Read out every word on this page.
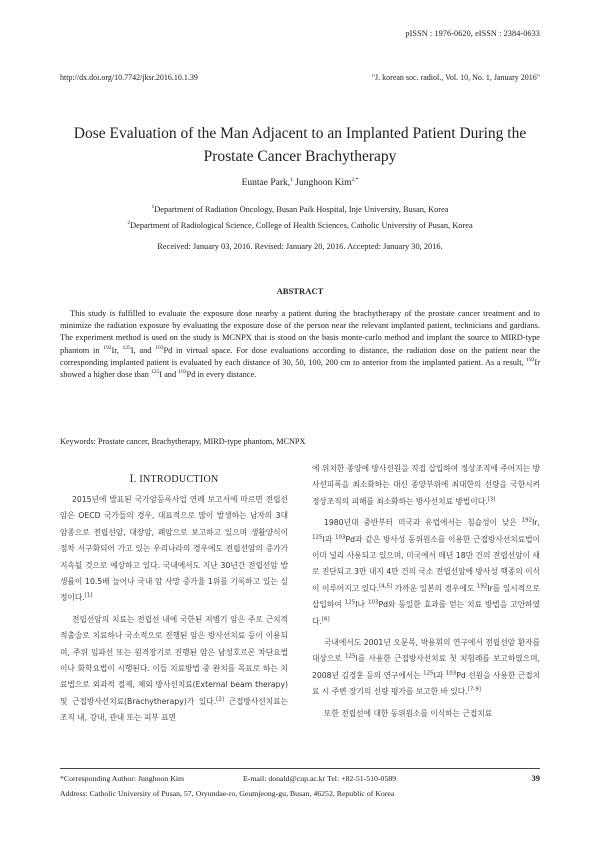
pISSN : 1976-0620, eISSN : 2384-0633
http://dx.doi.org/10.7742/jksr.2016.10.1.39	"J. korean soc. radiol., Vol. 10, No. 1, January 2016"
Dose Evaluation of the Man Adjacent to an Implanted Patient During the
Prostate Cancer Brachytherapy
Euntae Park,$^1$ Junghoon Kim$^{2,*}$
$^1$Department of Radiation Oncology, Busan Paik Hospital, Inje University, Busan, Korea
$^2$Department of Radiological Science, College of Health Sciences, Catholic University of Pusan, Korea
Received: January 03, 2016. Revised: January 20, 2016. Accepted: January 30, 2016.
ABSTRACT
This study is fulfilled to evaluate the exposure dose nearby a patient during the brachytherapy of the prostate cancer treatment and to minimize the radiation exposure by evaluating the exposure dose of the person near the relevant implanted patient, technicians and gardians. The experiment method is used on the study is MCNPX that is stood on the basis monte-carlo method and implant the source to MIRD-type phantom in $^{192}$Ir, $^{125}$I, and $^{103}$Pd in virtual space. For dose evaluations according to distance, the radiation dose on the patient near the corresponding implanted patient is evaluated by each distance of 30, 50, 100, 200 cm to anterior from the implanted patient. As a result, $^{192}$Ir showed a higher dose than $^{125}$I and $^{103}$Pd in every distance.
Keywords: Prostate cancer, Brachytherapy, MIRD-type phantom, MCNPX
Ⅰ. INTRODUCTION

2015년에 발표된 국가암등록사업 연례 보고서에 따르면 전립선암은 OECD 국가들의 경우, 대표적으로 많이 발생하는 남자의 3대 암종으로 전립선암, 대장암, 폐암으로 보고하고 있으며 생활양식이 점차 서구화되어 가고 있는 우리나라의 경우에도 전립선암의 증가가 지속될 것으로 예상하고 있다. 국내에서도 지난 30년간 전립선암 발생률이 10.5배 늘어나 국내 암 사망 증가율 1위를 기록하고 있는 실정이다.[1]

전립선암의 치료는 전립선 내에 국한된 저병기 암은 주로 근치적 적출술로 치료하나 국소적으로 진행된 암은 방사선치료 등이 이용되며, 주위 임파선 또는 원격장기로 진행된 암은 남성호르몬 차단요법이나 화학요법이 시행된다. 이들 치료방법 중 완치를 목표로 하는 치료법으로 외과적 절제, 체외 방사선치료(External beam therapy) 및 근접방사선치료(Brachytherapy)가 있다.[2] 근접방사선치료는 조직 내, 강내, 관내 또는 피부 표면

에 위치한 종양에 방사선원을 직접 삽입하여 정상조직에 주어지는 방사선피폭을 최소화하는 대신 종양부위에 최대한의 선량을 국한시켜 정상조직의 피해를 최소화하는 방사선치료 방법이다.[3]

1980년대 중반부터 미국과 유럽에서는 침습성이 낮은 $^{192}$Ir, $^{125}$I과 $^{103}$Pd과 같은 방사성 동위원소를 이용한 근접방사선치료법이 이미 널리 사용되고 있으며, 미국에서 매년 18만 건의 전립선암이 새로 진단되고 3만 내지 4만 건의 국소 전립선암에 방사성 핵종의 이식이 이루어지고 있다.[4,5] 가까운 일본의 경우에도 $^{192}$Ir를 일시적으로 삽입하여 $^{125}$I나 $^{103}$Pd와 동일한 효과를 얻는 치료 방법을 고안하였다.[6]

국내에서도 2001년 오문목, 박용휘의 연구에서 전립선암 환자를 대상으로 $^{125}$I를 사용한 근접방사선치료 첫 치험례를 보고하였으며, 2008년 김경훈 등의 연구에서는 $^{125}$I과 $^{103}$Pd 선원을 사용한 근접치료 시 주변 장기의 선량 평가를 보고한 바 있다.[7-9]

또한 전립선에 대한 동위원소를 이식하는 근접치료

*Corresponding Author: Junghoon Kim	E-mail: donald@cup.ac.kr Tel: +82-51-510-0589
Address: Catholic University of Pusan, 57, Oryundae-ro, Geumjeong-gu, Busan, 46252, Republic of Korea
39
